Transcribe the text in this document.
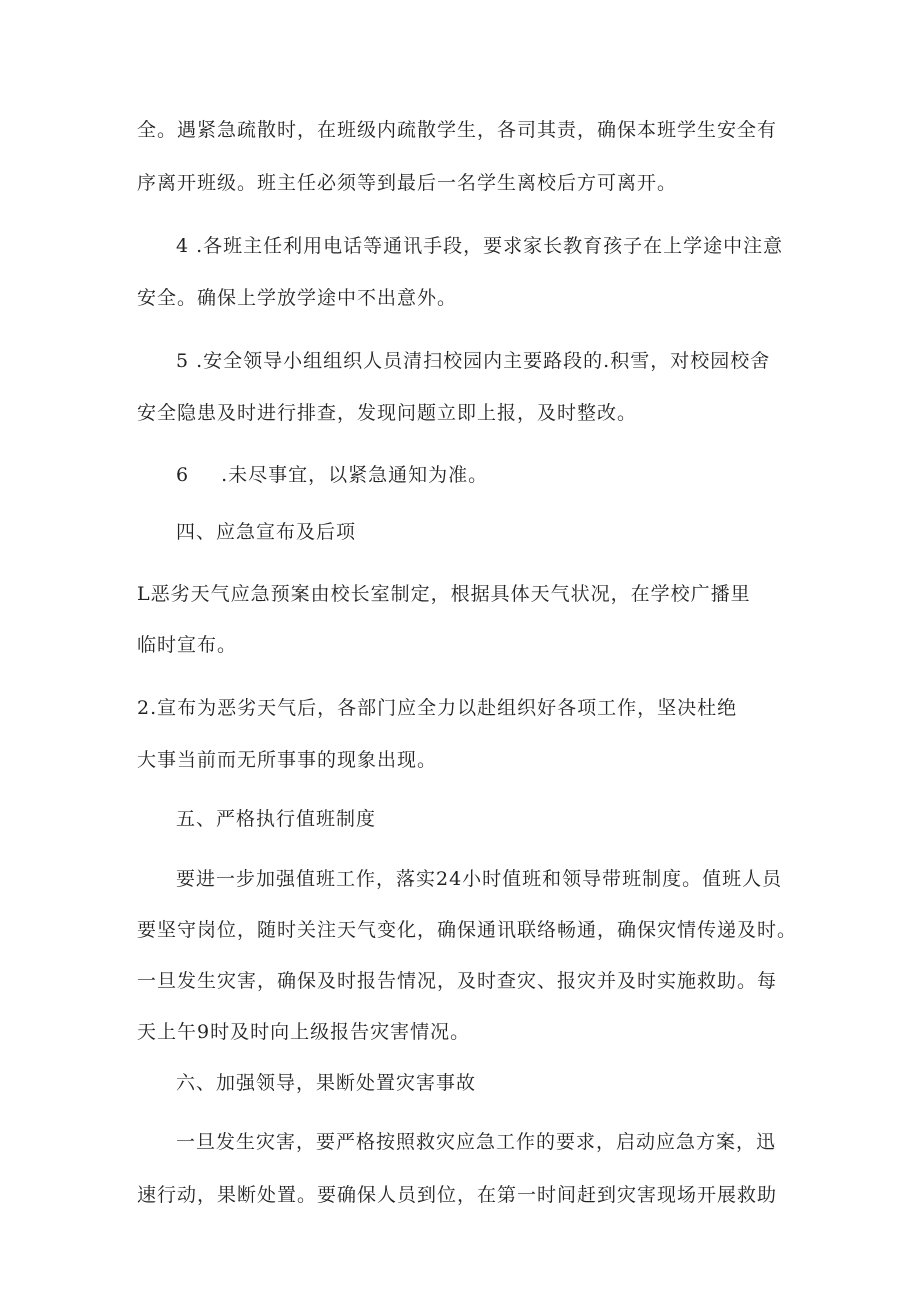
全。遇紧急疏散时，在班级内疏散学生，各司其责，确保本班学生安全有
序离开班级。班主任必须等到最后一名学生离校后方可离开。
4 .各班主任利用电话等通讯手段，要求家长教育孩子在上学途中注意
安全。确保上学放学途中不出意外。
5 .安全领导小组组织人员清扫校园内主要路段的.积雪，对校园校舍
安全隐患及时进行排查，发现问题立即上报，及时整改。
6 .未尽事宜，以紧急通知为准。
四、应急宣布及后项
L恶劣天气应急预案由校长室制定，根据具体天气状况，在学校广播里
临时宣布。
2.宣布为恶劣天气后，各部门应全力以赴组织好各项工作，坚决杜绝
大事当前而无所事事的现象出现。
五、严格执行值班制度
要进一步加强值班工作，落实24小时值班和领导带班制度。值班人员
要坚守岗位，随时关注天气变化，确保通讯联络畅通，确保灾情传递及时。
一旦发生灾害，确保及时报告情况，及时查灾、报灾并及时实施救助。每
天上午9时及时向上级报告灾害情况。
六、加强领导，果断处置灾害事故
一旦发生灾害，要严格按照救灾应急工作的要求，启动应急方案，迅
速行动，果断处置。要确保人员到位，在第一时间赶到灾害现场开展救助
